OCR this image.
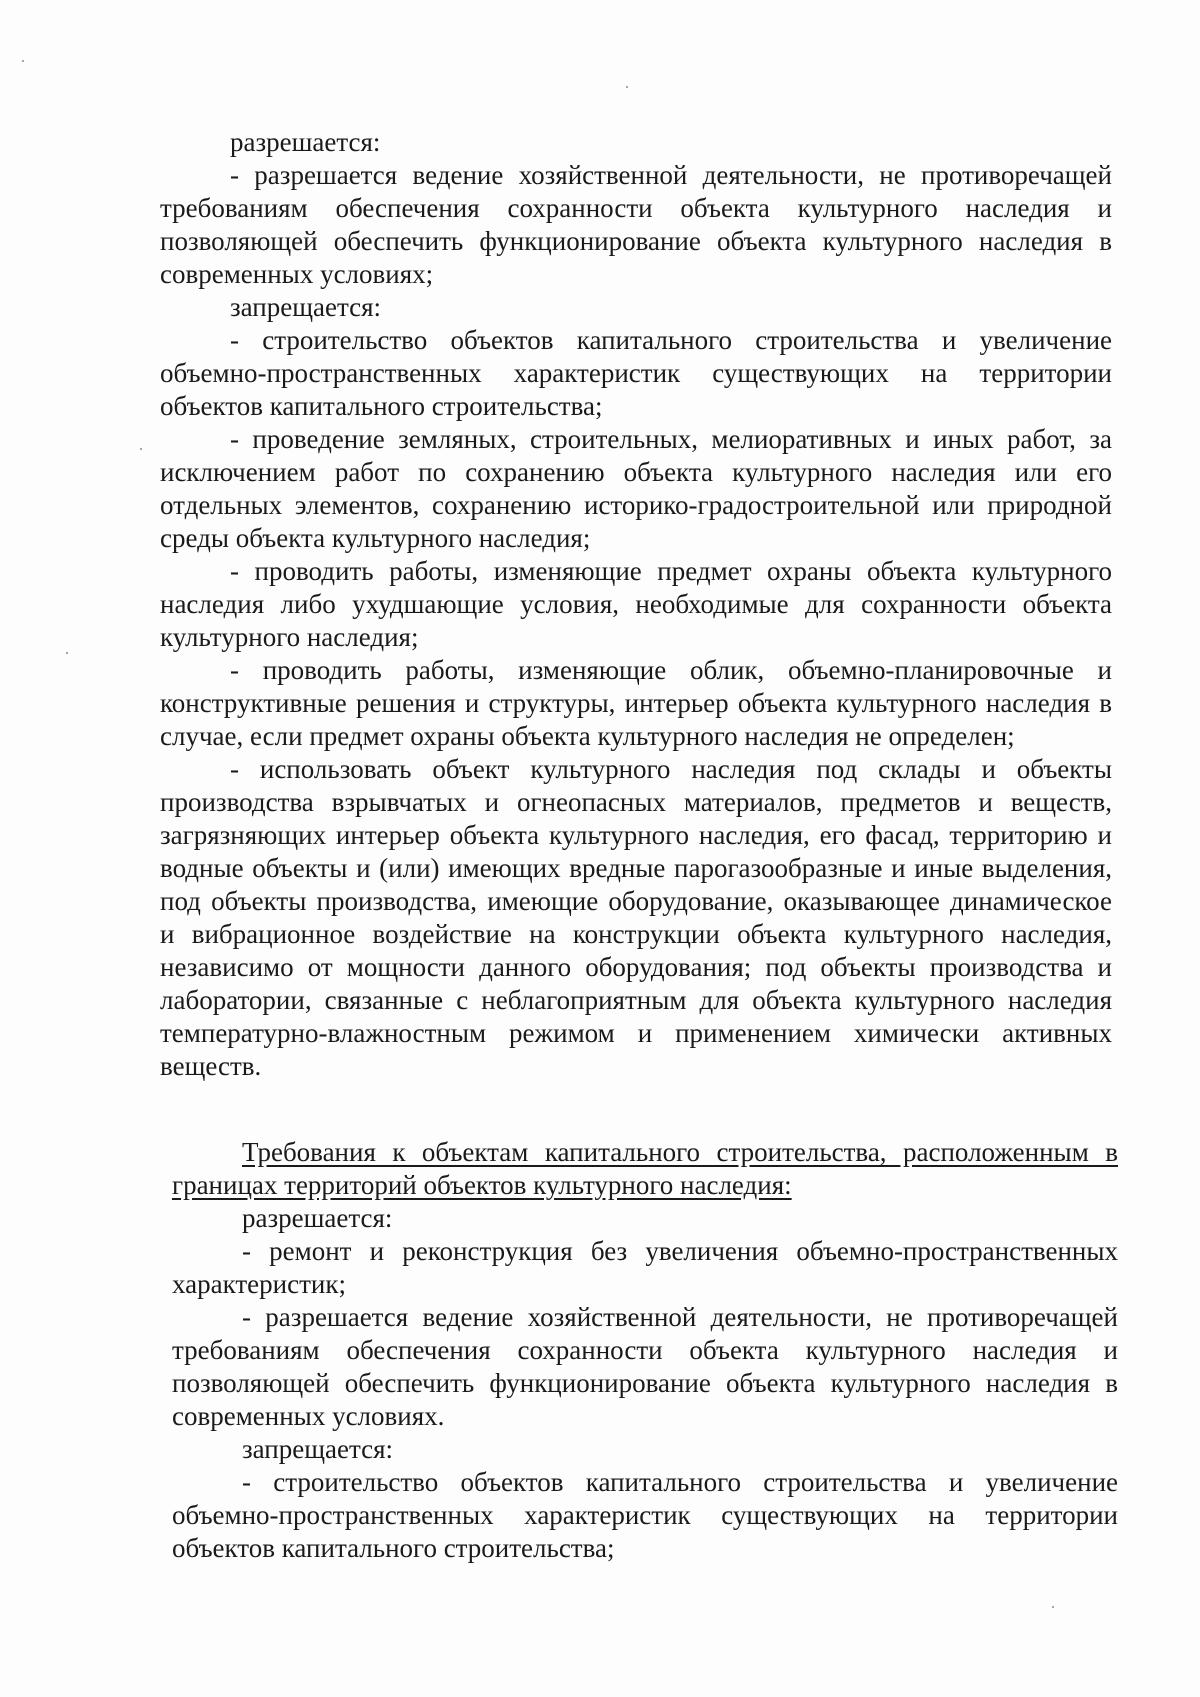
разрешается:

- разрешается ведение хозяйственной деятельности, не противоречащей требованиям обеспечения сохранности объекта культурного наследия и позволяющей обеспечить функционирование объекта культурного наследия в современных условиях;

запрещается:

- строительство объектов капитального строительства и увеличение объемно-пространственных характеристик существующих на территории объектов капитального строительства;

- проведение земляных, строительных, мелиоративных и иных работ, за исключением работ по сохранению объекта культурного наследия или его отдельных элементов, сохранению историко-градостроительной или природной среды объекта культурного наследия;

- проводить работы, изменяющие предмет охраны объекта культурного наследия либо ухудшающие условия, необходимые для сохранности объекта культурного наследия;

- проводить работы, изменяющие облик, объемно-планировочные и конструктивные решения и структуры, интерьер объекта культурного наследия в случае, если предмет охраны объекта культурного наследия не определен;

- использовать объект культурного наследия под склады и объекты производства взрывчатых и огнеопасных материалов, предметов и веществ, загрязняющих интерьер объекта культурного наследия, его фасад, территорию и водные объекты и (или) имеющих вредные парогазообразные и иные выделения, под объекты производства, имеющие оборудование, оказывающее динамическое и вибрационное воздействие на конструкции объекта культурного наследия, независимо от мощности данного оборудования; под объекты производства и лаборатории, связанные с неблагоприятным для объекта культурного наследия температурно-влажностным режимом и применением химически активных веществ.

Требования к объектам капитального строительства, расположенным в границах территорий объектов культурного наследия:

разрешается:

- ремонт и реконструкция без увеличения объемно-пространственных характеристик;

- разрешается ведение хозяйственной деятельности, не противоречащей требованиям обеспечения сохранности объекта культурного наследия и позволяющей обеспечить функционирование объекта культурного наследия в современных условиях.

запрещается:

- строительство объектов капитального строительства и увеличение объемно-пространственных характеристик существующих на территории объектов капитального строительства;
